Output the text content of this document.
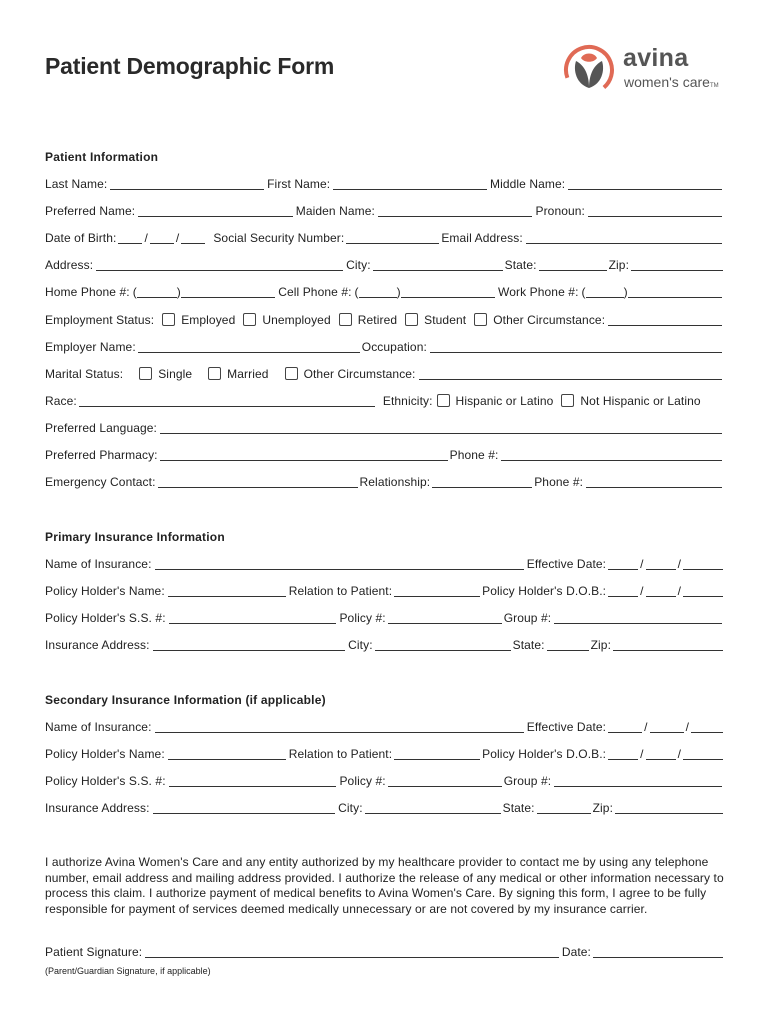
Patient Demographic Form	avina
women's careTM
Patient Information
Last Name:	First Name:	Middle Name:
Preferred Name:	Maiden Name:	Pronoun:
Date of Birth: / /	Social Security Number:	Email Address:
Address:	City:	State:	Zip:
Home Phone #: (	)	Cell Phone #: (	)	Work Phone #: (	)
Employment Status: Employed Unemployed Retired Student Other Circumstance:
Employer Name:	Occupation:
Marital Status:	Single	Married	Other Circumstance:
Race:	Ethnicity: Hispanic or Latino Not Hispanic or Latino
Preferred Language:
Preferred Pharmacy:	Phone #:
Emergency Contact:	Relationship:	Phone #:
Primary Insurance Information
Name of Insurance:	Effective Date:	/	/
Policy Holder's Name:	Relation to Patient:	Policy Holder's D.O.B.:	/	/
Policy Holder's S.S. #:	Policy #:	Group #:
Insurance Address:	City:	State:	Zip:
Secondary Insurance Information (if applicable)
Name of Insurance:	Effective Date:	/	/
Policy Holder's Name:	Relation to Patient:	Policy Holder's D.O.B.:	/	/
Policy Holder's S.S. #:	Policy #:	Group #:
Insurance Address:	City:	State:	Zip:
I authorize Avina Women's Care and any entity authorized by my healthcare provider to contact me by using any telephone number, email address and mailing address provided. I authorize the release of any medical or other information necessary to process this claim. I authorize payment of medical benefits to Avina Women's Care. By signing this form, I agree to be fully responsible for payment of services deemed medically unnecessary or are not covered by my insurance carrier.
Patient Signature:	Date:
(Parent/Guardian Signature, if applicable)
